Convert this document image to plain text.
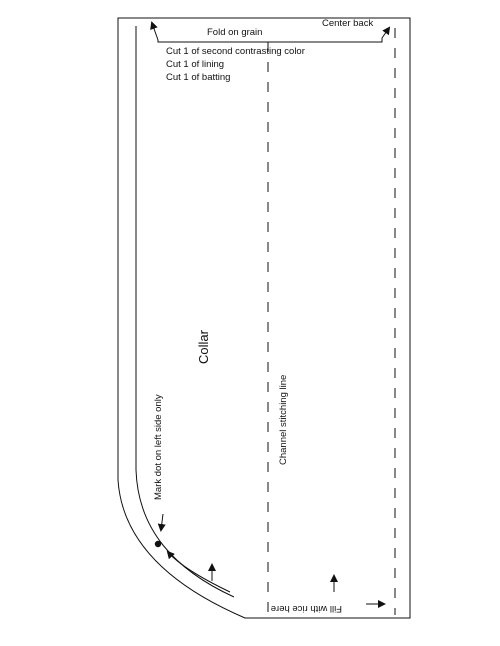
Fold on grain
Center back
Cut 1 of second contrasting color
Cut 1 of lining
Cut 1 of batting
Collar
Channel stitching line
Mark dot on left side only
Fill with rice here
